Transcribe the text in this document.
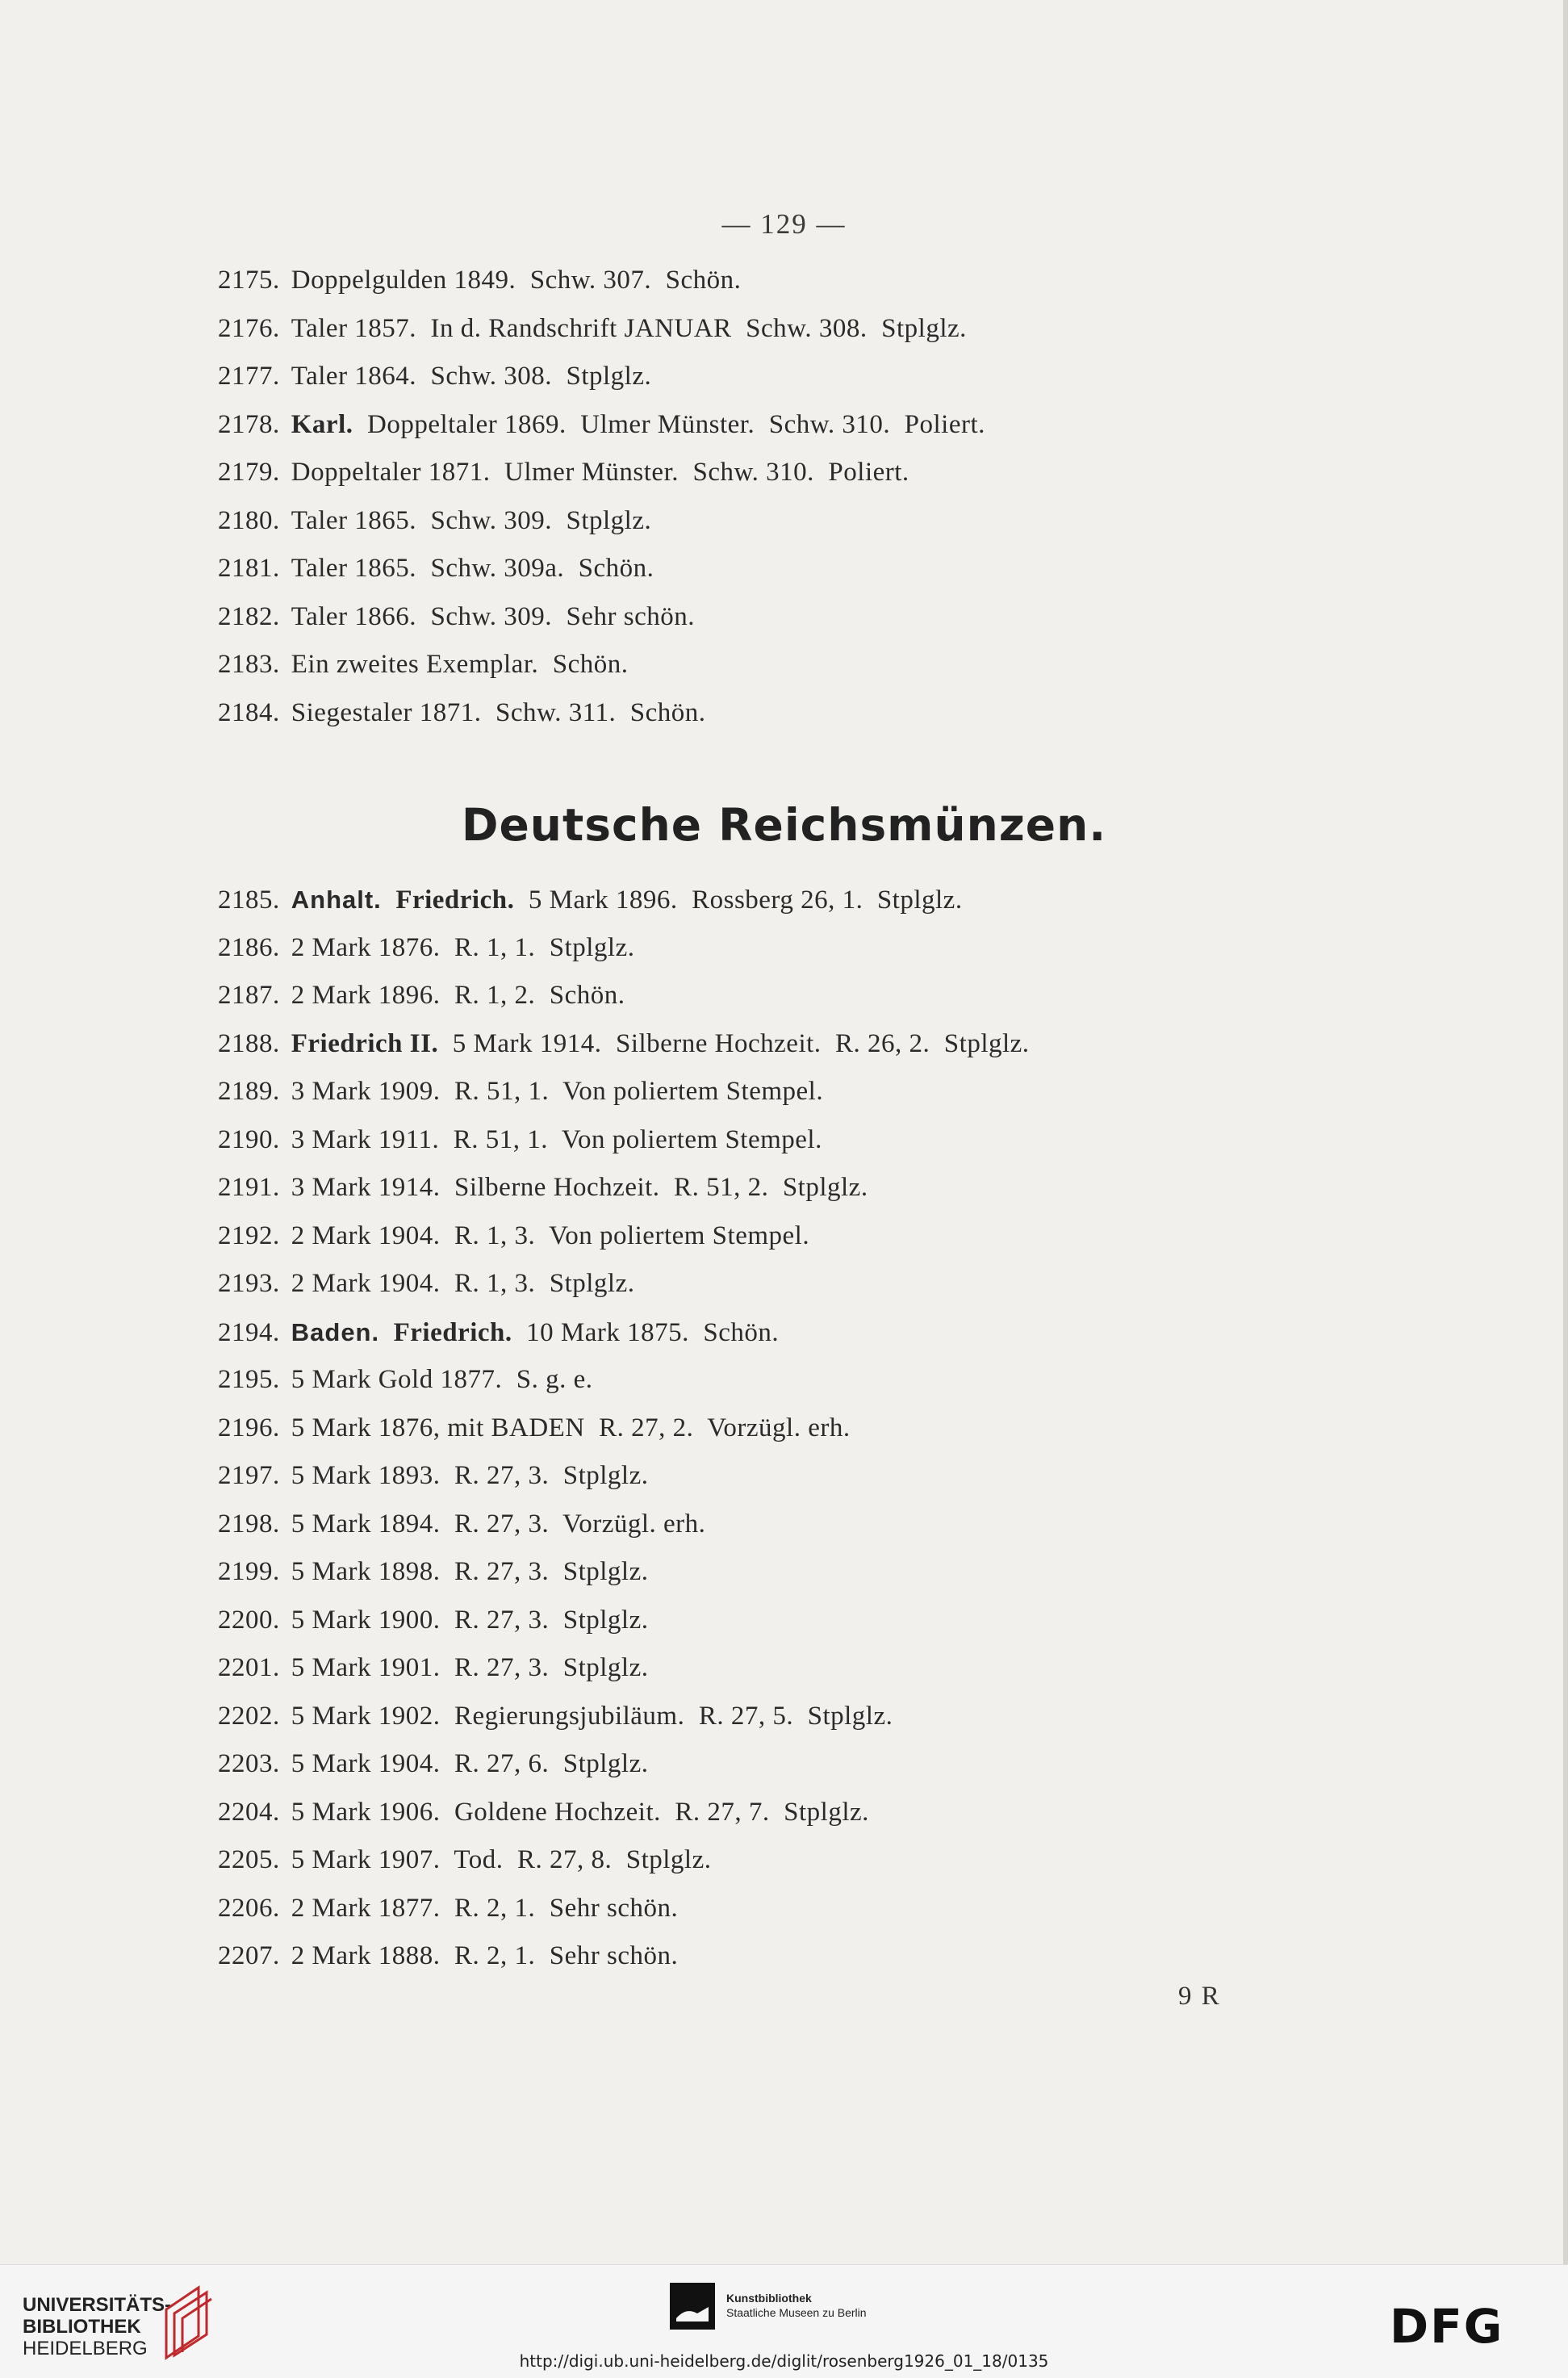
— 129 —
2175. Doppelgulden 1849.  Schw. 307.  Schön.
2176. Taler 1857.  In d. Randschrift JANUAR  Schw. 308.  Stplglz.
2177. Taler 1864.  Schw. 308.  Stplglz.
2178. Karl.  Doppeltaler 1869.  Ulmer Münster.  Schw. 310.  Poliert.
2179. Doppeltaler 1871.  Ulmer Münster.  Schw. 310.  Poliert.
2180. Taler 1865.  Schw. 309.  Stplglz.
2181. Taler 1865.  Schw. 309a.  Schön.
2182. Taler 1866.  Schw. 309.  Sehr schön.
2183. Ein zweites Exemplar.  Schön.
2184. Siegestaler 1871.  Schw. 311.  Schön.
Deutsche Reichsmünzen.
2185. Anhalt. Friedrich.  5 Mark 1896.  Rossberg 26, 1.  Stplglz.
2186. 2 Mark 1876.  R. 1, 1.  Stplglz.
2187. 2 Mark 1896.  R. 1, 2.  Schön.
2188. Friedrich II.  5 Mark 1914.  Silberne Hochzeit.  R. 26, 2.  Stplglz.
2189. 3 Mark 1909.  R. 51, 1.  Von poliertem Stempel.
2190. 3 Mark 1911.  R. 51, 1.  Von poliertem Stempel.
2191. 3 Mark 1914.  Silberne Hochzeit.  R. 51, 2.  Stplglz.
2192. 2 Mark 1904.  R. 1, 3.  Von poliertem Stempel.
2193. 2 Mark 1904.  R. 1, 3.  Stplglz.
2194. Baden. Friedrich.  10 Mark 1875.  Schön.
2195. 5 Mark Gold 1877.  S. g. e.
2196. 5 Mark 1876, mit BADEN  R. 27, 2.  Vorzügl. erh.
2197. 5 Mark 1893.  R. 27, 3.  Stplglz.
2198. 5 Mark 1894.  R. 27, 3.  Vorzügl. erh.
2199. 5 Mark 1898.  R. 27, 3.  Stplglz.
2200. 5 Mark 1900.  R. 27, 3.  Stplglz.
2201. 5 Mark 1901.  R. 27, 3.  Stplglz.
2202. 5 Mark 1902.  Regierungsjubiläum.  R. 27, 5.  Stplglz.
2203. 5 Mark 1904.  R. 27, 6.  Stplglz.
2204. 5 Mark 1906.  Goldene Hochzeit.  R. 27, 7.  Stplglz.
2205. 5 Mark 1907.  Tod.  R. 27, 8.  Stplglz.
2206. 2 Mark 1877.  R. 2, 1.  Sehr schön.
2207. 2 Mark 1888.  R. 2, 1.  Sehr schön.
9 R
UNIVERSITÄTS-
BIBLIOTHEK
HEIDELBERG
Kunstbibliothek
Staatliche Museen zu Berlin	DFG
http://digi.ub.uni-heidelberg.de/diglit/rosenberg1926_01_18/0135
